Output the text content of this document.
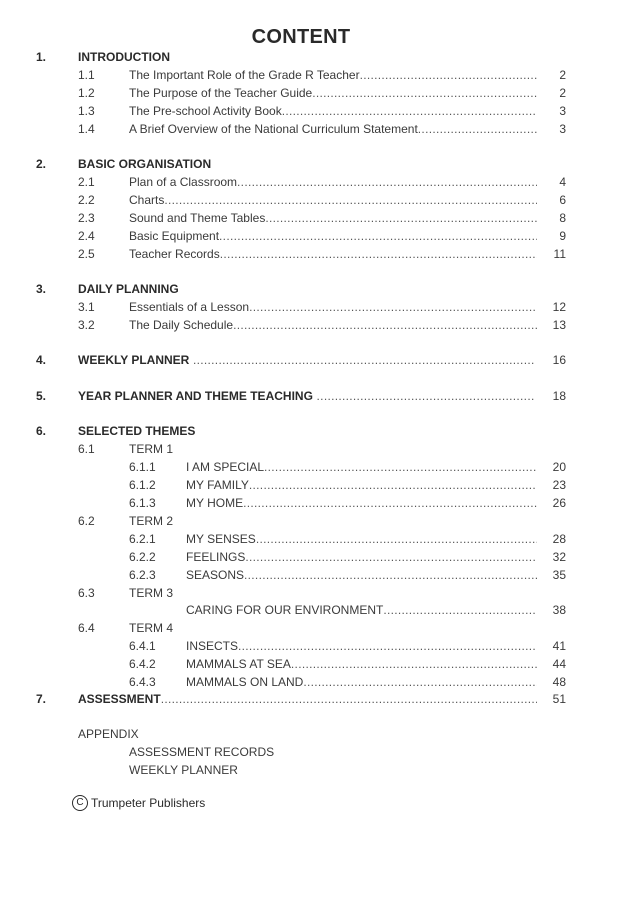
CONTENT
1.	INTRODUCTION
1.1	The Important Role of the Grade R Teacher .....	2
1.2	The Purpose of the Teacher Guide .....	2
1.3	The Pre-school Activity Book .....	3
1.4	A Brief Overview of the National Curriculum Statement .....	3
2.	BASIC ORGANISATION
2.1	Plan of a Classroom .....	4
2.2	Charts .....	6
2.3	Sound and Theme Tables .....	8
2.4	Basic Equipment .....	9
2.5	Teacher Records .....	11
3.	DAILY PLANNING
3.1	Essentials of a Lesson .....	12
3.2	The Daily Schedule .....	13
4.	WEEKLY PLANNER .....	16
5.	YEAR PLANNER AND THEME TEACHING .....	18
6.	SELECTED THEMES
6.1	TERM 1
6.1.1	I AM SPECIAL .....	20
6.1.2	MY FAMILY .....	23
6.1.3	MY HOME .....	26
6.2	TERM 2
6.2.1	MY SENSES .....	28
6.2.2	FEELINGS .....	32
6.2.3	SEASONS .....	35
6.3	TERM 3
CARING FOR OUR ENVIRONMENT .....	38
6.4	TERM 4
6.4.1	INSECTS .....	41
6.4.2	MAMMALS AT SEA .....	44
6.4.3	MAMMALS ON LAND .....	48
7.	ASSESSMENT .....	51
APPENDIX
ASSESSMENT RECORDS
WEEKLY PLANNER
C Trumpeter Publishers
